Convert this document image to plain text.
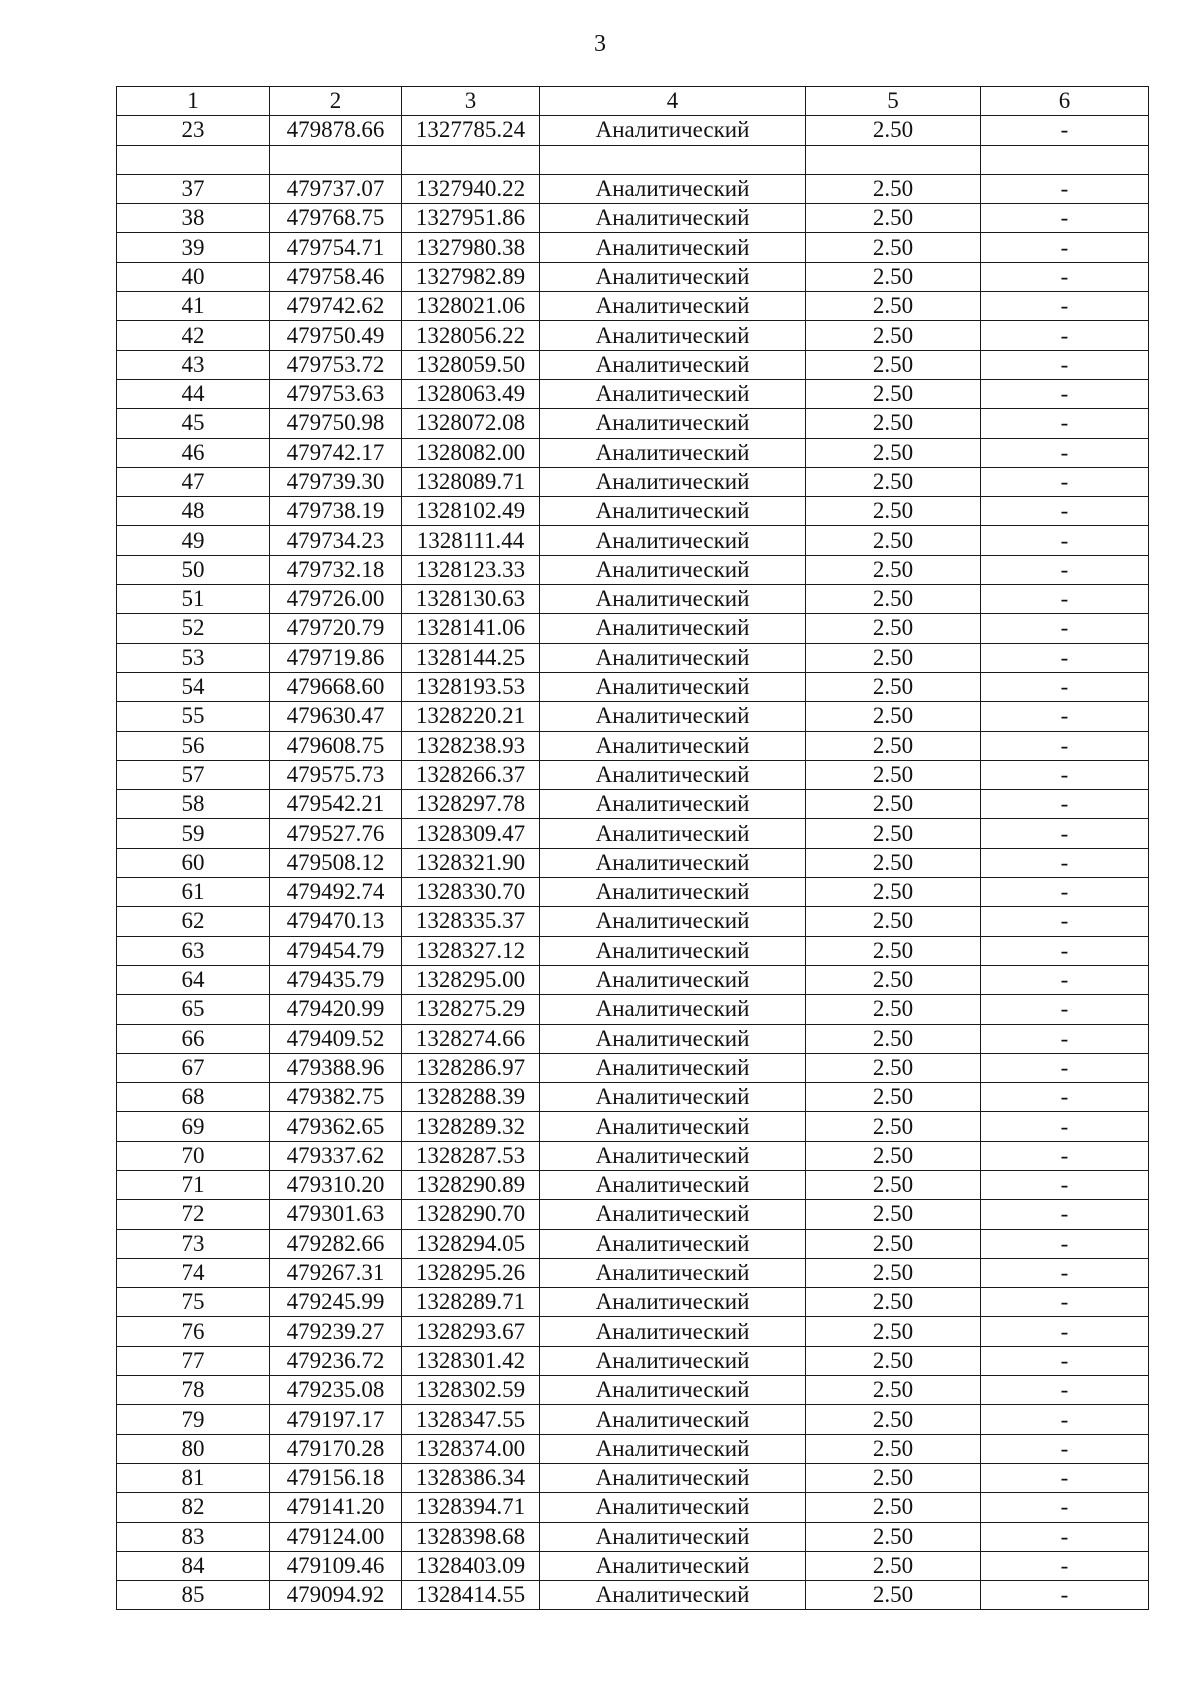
3
1	2	3	4	5	6
23	479878.66	1327785.24	Аналитический	2.50	-

37	479737.07	1327940.22	Аналитический	2.50	-
38	479768.75	1327951.86	Аналитический	2.50	-
39	479754.71	1327980.38	Аналитический	2.50	-
40	479758.46	1327982.89	Аналитический	2.50	-
41	479742.62	1328021.06	Аналитический	2.50	-
42	479750.49	1328056.22	Аналитический	2.50	-
43	479753.72	1328059.50	Аналитический	2.50	-
44	479753.63	1328063.49	Аналитический	2.50	-
45	479750.98	1328072.08	Аналитический	2.50	-
46	479742.17	1328082.00	Аналитический	2.50	-
47	479739.30	1328089.71	Аналитический	2.50	-
48	479738.19	1328102.49	Аналитический	2.50	-
49	479734.23	1328111.44	Аналитический	2.50	-
50	479732.18	1328123.33	Аналитический	2.50	-
51	479726.00	1328130.63	Аналитический	2.50	-
52	479720.79	1328141.06	Аналитический	2.50	-
53	479719.86	1328144.25	Аналитический	2.50	-
54	479668.60	1328193.53	Аналитический	2.50	-
55	479630.47	1328220.21	Аналитический	2.50	-
56	479608.75	1328238.93	Аналитический	2.50	-
57	479575.73	1328266.37	Аналитический	2.50	-
58	479542.21	1328297.78	Аналитический	2.50	-
59	479527.76	1328309.47	Аналитический	2.50	-
60	479508.12	1328321.90	Аналитический	2.50	-
61	479492.74	1328330.70	Аналитический	2.50	-
62	479470.13	1328335.37	Аналитический	2.50	-
63	479454.79	1328327.12	Аналитический	2.50	-
64	479435.79	1328295.00	Аналитический	2.50	-
65	479420.99	1328275.29	Аналитический	2.50	-
66	479409.52	1328274.66	Аналитический	2.50	-
67	479388.96	1328286.97	Аналитический	2.50	-
68	479382.75	1328288.39	Аналитический	2.50	-
69	479362.65	1328289.32	Аналитический	2.50	-
70	479337.62	1328287.53	Аналитический	2.50	-
71	479310.20	1328290.89	Аналитический	2.50	-
72	479301.63	1328290.70	Аналитический	2.50	-
73	479282.66	1328294.05	Аналитический	2.50	-
74	479267.31	1328295.26	Аналитический	2.50	-
75	479245.99	1328289.71	Аналитический	2.50	-
76	479239.27	1328293.67	Аналитический	2.50	-
77	479236.72	1328301.42	Аналитический	2.50	-
78	479235.08	1328302.59	Аналитический	2.50	-
79	479197.17	1328347.55	Аналитический	2.50	-
80	479170.28	1328374.00	Аналитический	2.50	-
81	479156.18	1328386.34	Аналитический	2.50	-
82	479141.20	1328394.71	Аналитический	2.50	-
83	479124.00	1328398.68	Аналитический	2.50	-
84	479109.46	1328403.09	Аналитический	2.50	-
85	479094.92	1328414.55	Аналитический	2.50	-
